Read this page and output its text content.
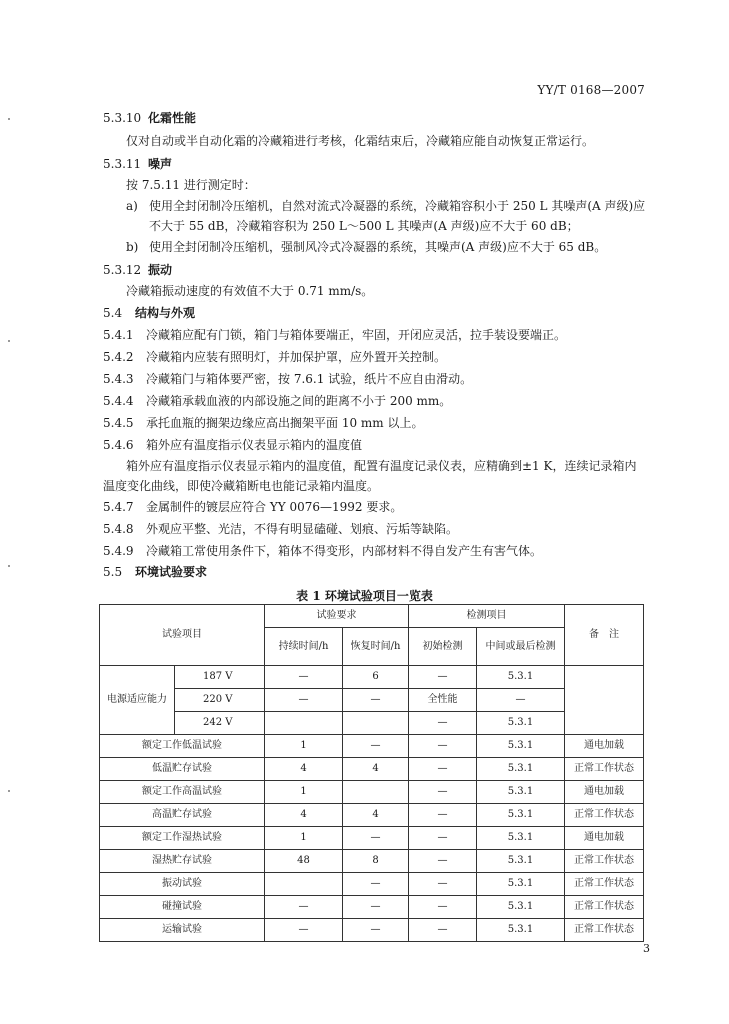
YY/T 0168—2007
5.3.10 化霜性能
仅对自动或半自动化霜的冷藏箱进行考核，化霜结束后，冷藏箱应能自动恢复正常运行。
5.3.11 噪声
按 7.5.11 进行测定时：
a) 使用全封闭制冷压缩机，自然对流式冷凝器的系统，冷藏箱容积小于 250 L 其噪声(A 声级)应
不大于 55 dB，冷藏箱容积为 250 L～500 L 其噪声(A 声级)应不大于 60 dB；
b) 使用全封闭制冷压缩机，强制风冷式冷凝器的系统，其噪声(A 声级)应不大于 65 dB。
5.3.12 振动
冷藏箱振动速度的有效值不大于 0.71 mm/s。
5.4 结构与外观
5.4.1 冷藏箱应配有门锁，箱门与箱体要端正，牢固，开闭应灵活，拉手装设要端正。
5.4.2 冷藏箱内应装有照明灯，并加保护罩，应外置开关控制。
5.4.3 冷藏箱门与箱体要严密，按 7.6.1 试验，纸片不应自由滑动。
5.4.4 冷藏箱承载血液的内部设施之间的距离不小于 200 mm。
5.4.5 承托血瓶的搁架边缘应高出搁架平面 10 mm 以上。
5.4.6 箱外应有温度指示仪表显示箱内的温度值
箱外应有温度指示仪表显示箱内的温度值，配置有温度记录仪表，应精确到±1 K，连续记录箱内
温度变化曲线，即使冷藏箱断电也能记录箱内温度。
5.4.7 金属制件的镀层应符合 YY 0076—1992 要求。
5.4.8 外观应平整、光洁，不得有明显磕碰、划痕、污垢等缺陷。
5.4.9 冷藏箱工常使用条件下，箱体不得变形，内部材料不得自发产生有害气体。
5.5 环境试验要求
表 1 环境试验项目一览表
试验项目		试验要求		检测项目		备　注
		持续时间/h	恢复时间/h	初始检测	中间或最后检测	
电源适应能力	187 V	—	6	—	5.3.1	
	220 V	—	—	全性能	—	
	242 V			—	5.3.1	
额定工作低温试验		1	—	—	5.3.1	通电加载
低温贮存试验		4	4	—	5.3.1	正常工作状态
额定工作高温试验		1		—	5.3.1	通电加载
高温贮存试验		4	4	—	5.3.1	正常工作状态
额定工作湿热试验		1	—	—	5.3.1	通电加载
湿热贮存试验		48	8	—	5.3.1	正常工作状态
振动试验			—	—	5.3.1	正常工作状态
碰撞试验		—	—	—	5.3.1	正常工作状态
运输试验		—	—	—	5.3.1	正常工作状态
3
